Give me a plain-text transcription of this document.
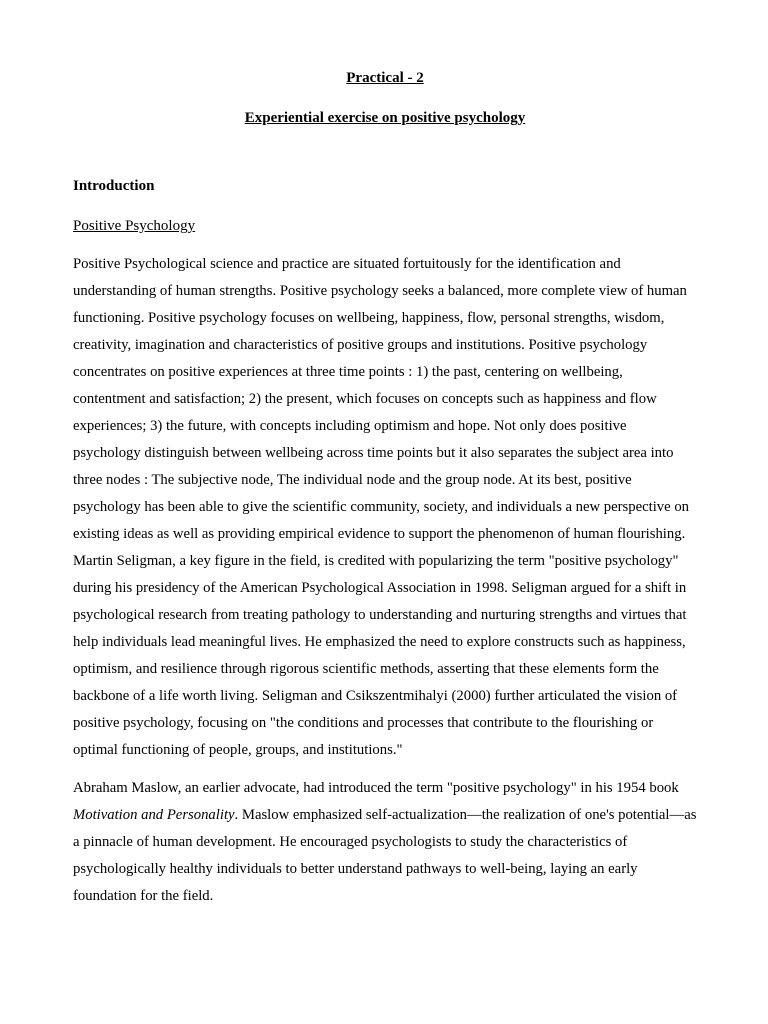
Practical - 2

Experiential exercise on positive psychology

Introduction

Positive Psychology

Positive Psychological science and practice are situated fortuitously for the identification and understanding of human strengths. Positive psychology seeks a balanced, more complete view of human functioning. Positive psychology focuses on wellbeing, happiness, flow, personal strengths, wisdom, creativity, imagination and characteristics of positive groups and institutions. Positive psychology concentrates on positive experiences at three time points : 1) the past, centering on wellbeing, contentment and satisfaction; 2) the present, which focuses on concepts such as happiness and flow experiences; 3) the future, with concepts including optimism and hope. Not only does positive psychology distinguish between wellbeing across time points but it also separates the subject area into three nodes : The subjective node, The individual node and the group node. At its best, positive psychology has been able to give the scientific community, society, and individuals a new perspective on existing ideas as well as providing empirical evidence to support the phenomenon of human flourishing. Martin Seligman, a key figure in the field, is credited with popularizing the term "positive psychology" during his presidency of the American Psychological Association in 1998. Seligman argued for a shift in psychological research from treating pathology to understanding and nurturing strengths and virtues that help individuals lead meaningful lives. He emphasized the need to explore constructs such as happiness, optimism, and resilience through rigorous scientific methods, asserting that these elements form the backbone of a life worth living. Seligman and Csikszentmihalyi (2000) further articulated the vision of positive psychology, focusing on "the conditions and processes that contribute to the flourishing or optimal functioning of people, groups, and institutions."

Abraham Maslow, an earlier advocate, had introduced the term "positive psychology" in his 1954 book Motivation and Personality. Maslow emphasized self-actualization—the realization of one's potential—as a pinnacle of human development. He encouraged psychologists to study the characteristics of psychologically healthy individuals to better understand pathways to well-being, laying an early foundation for the field.
